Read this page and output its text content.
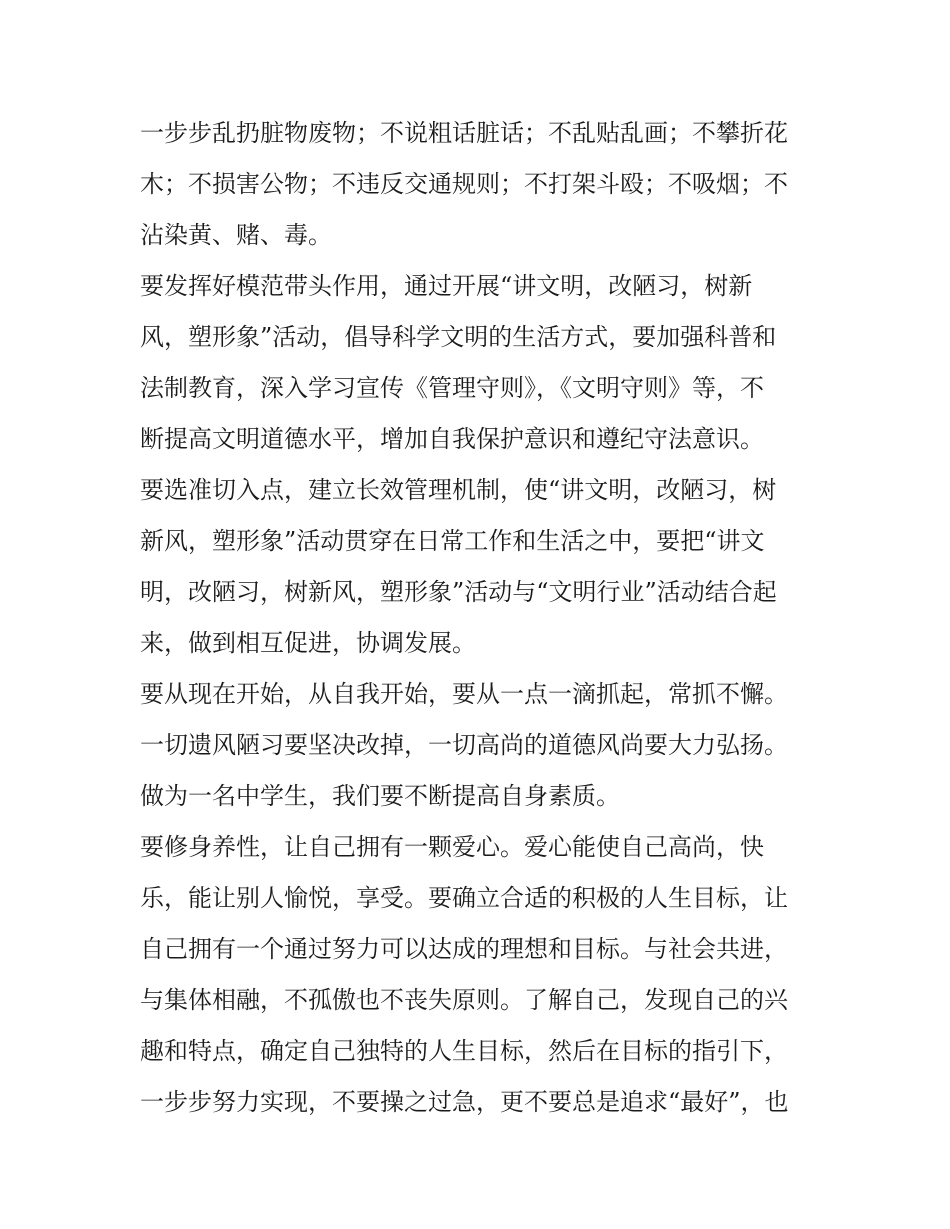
一步步乱扔脏物废物；不说粗话脏话；不乱贴乱画；不攀折花
木；不损害公物；不违反交通规则；不打架斗殴；不吸烟；不
沾染黄、赌、毒。
要发挥好模范带头作用，通过开展“讲文明，改陋习，树新
风，塑形象”活动，倡导科学文明的生活方式，要加强科普和
法制教育，深入学习宣传《管理守则》，《文明守则》等，不
断提高文明道德水平，增加自我保护意识和遵纪守法意识。
要选准切入点，建立长效管理机制，使“讲文明，改陋习，树
新风，塑形象”活动贯穿在日常工作和生活之中，要把“讲文
明，改陋习，树新风，塑形象”活动与“文明行业”活动结合起
来，做到相互促进，协调发展。
要从现在开始，从自我开始，要从一点一滴抓起，常抓不懈。
一切遗风陋习要坚决改掉，一切高尚的道德风尚要大力弘扬。
做为一名中学生，我们要不断提高自身素质。
要修身养性，让自己拥有一颗爱心。爱心能使自己高尚，快
乐，能让别人愉悦，享受。要确立合适的积极的人生目标，让
自己拥有一个通过努力可以达成的理想和目标。与社会共进，
与集体相融，不孤傲也不丧失原则。了解自己，发现自己的兴
趣和特点，确定自己独特的人生目标，然后在目标的指引下，
一步步努力实现，不要操之过急，更不要总是追求“最好”，也
